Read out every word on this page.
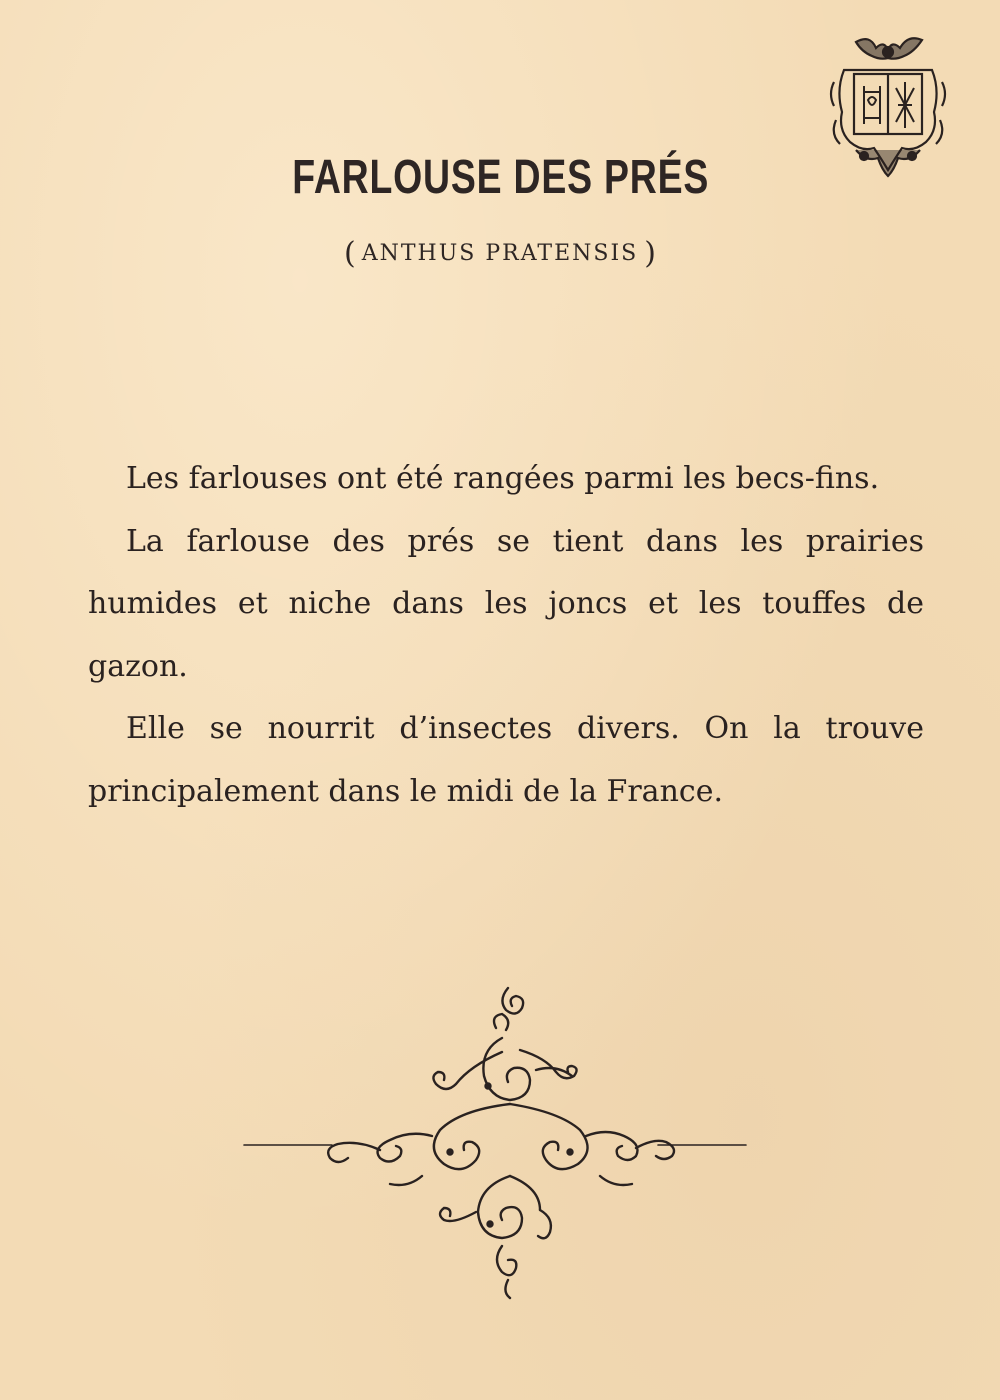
FARLOUSE DES PRÉS
( ANTHUS PRATENSIS )

Les farlouses ont été rangées parmi les becs-fins.

La farlouse des prés se tient dans les prairies humides et niche dans les joncs et les touffes de gazon.

Elle se nourrit d’insectes divers. On la trouve principalement dans le midi de la France.
